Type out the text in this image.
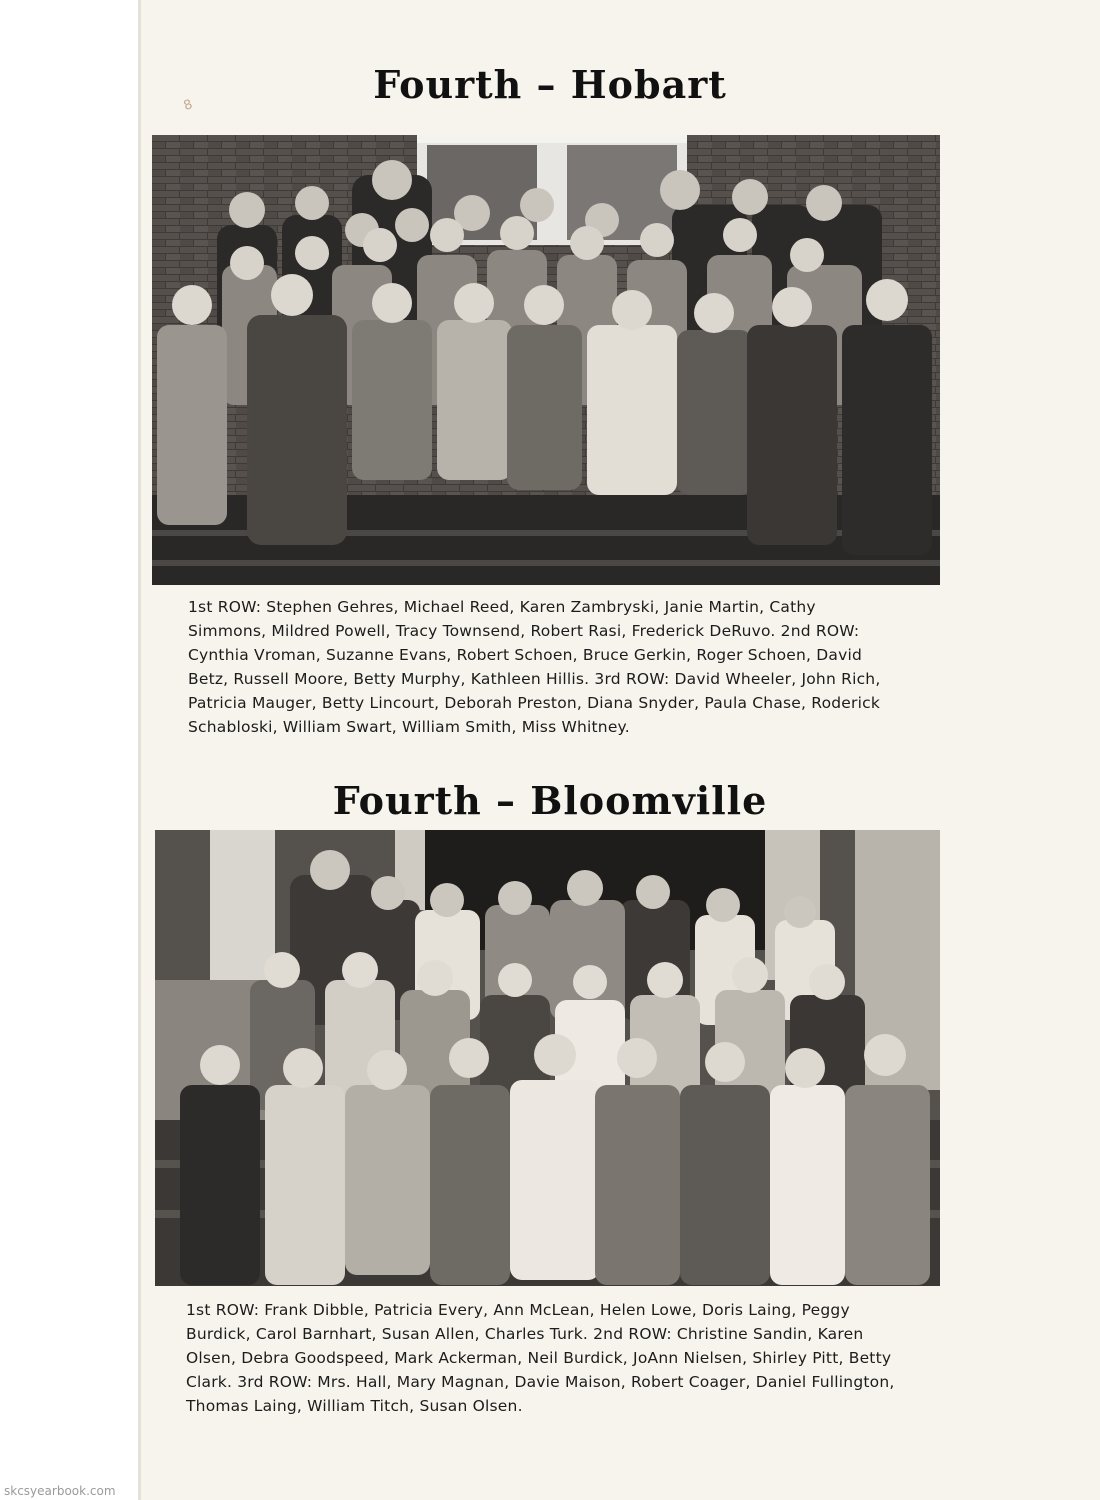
8	Fourth – Hobart
1st ROW: Stephen Gehres, Michael Reed, Karen Zambryski, Janie Martin, Cathy Simmons, Mildred Powell, Tracy Townsend, Robert Rasi, Frederick DeRuvo. 2nd ROW: Cynthia Vroman, Suzanne Evans, Robert Schoen, Bruce Gerkin, Roger Schoen, David Betz, Russell Moore, Betty Murphy, Kathleen Hillis. 3rd ROW: David Wheeler, John Rich, Patricia Mauger, Betty Lincourt, Deborah Preston, Diana Snyder, Paula Chase, Roderick Schabloski, William Swart, William Smith, Miss Whitney.
Fourth – Bloomville
1st ROW: Frank Dibble, Patricia Every, Ann McLean, Helen Lowe, Doris Laing, Peggy Burdick, Carol Barnhart, Susan Allen, Charles Turk. 2nd ROW: Christine Sandin, Karen Olsen, Debra Goodspeed, Mark Ackerman, Neil Burdick, JoAnn Nielsen, Shirley Pitt, Betty Clark. 3rd ROW: Mrs. Hall, Mary Magnan, Davie Maison, Robert Coager, Daniel Fullington, Thomas Laing, William Titch, Susan Olsen.
skcsyearbook.com
